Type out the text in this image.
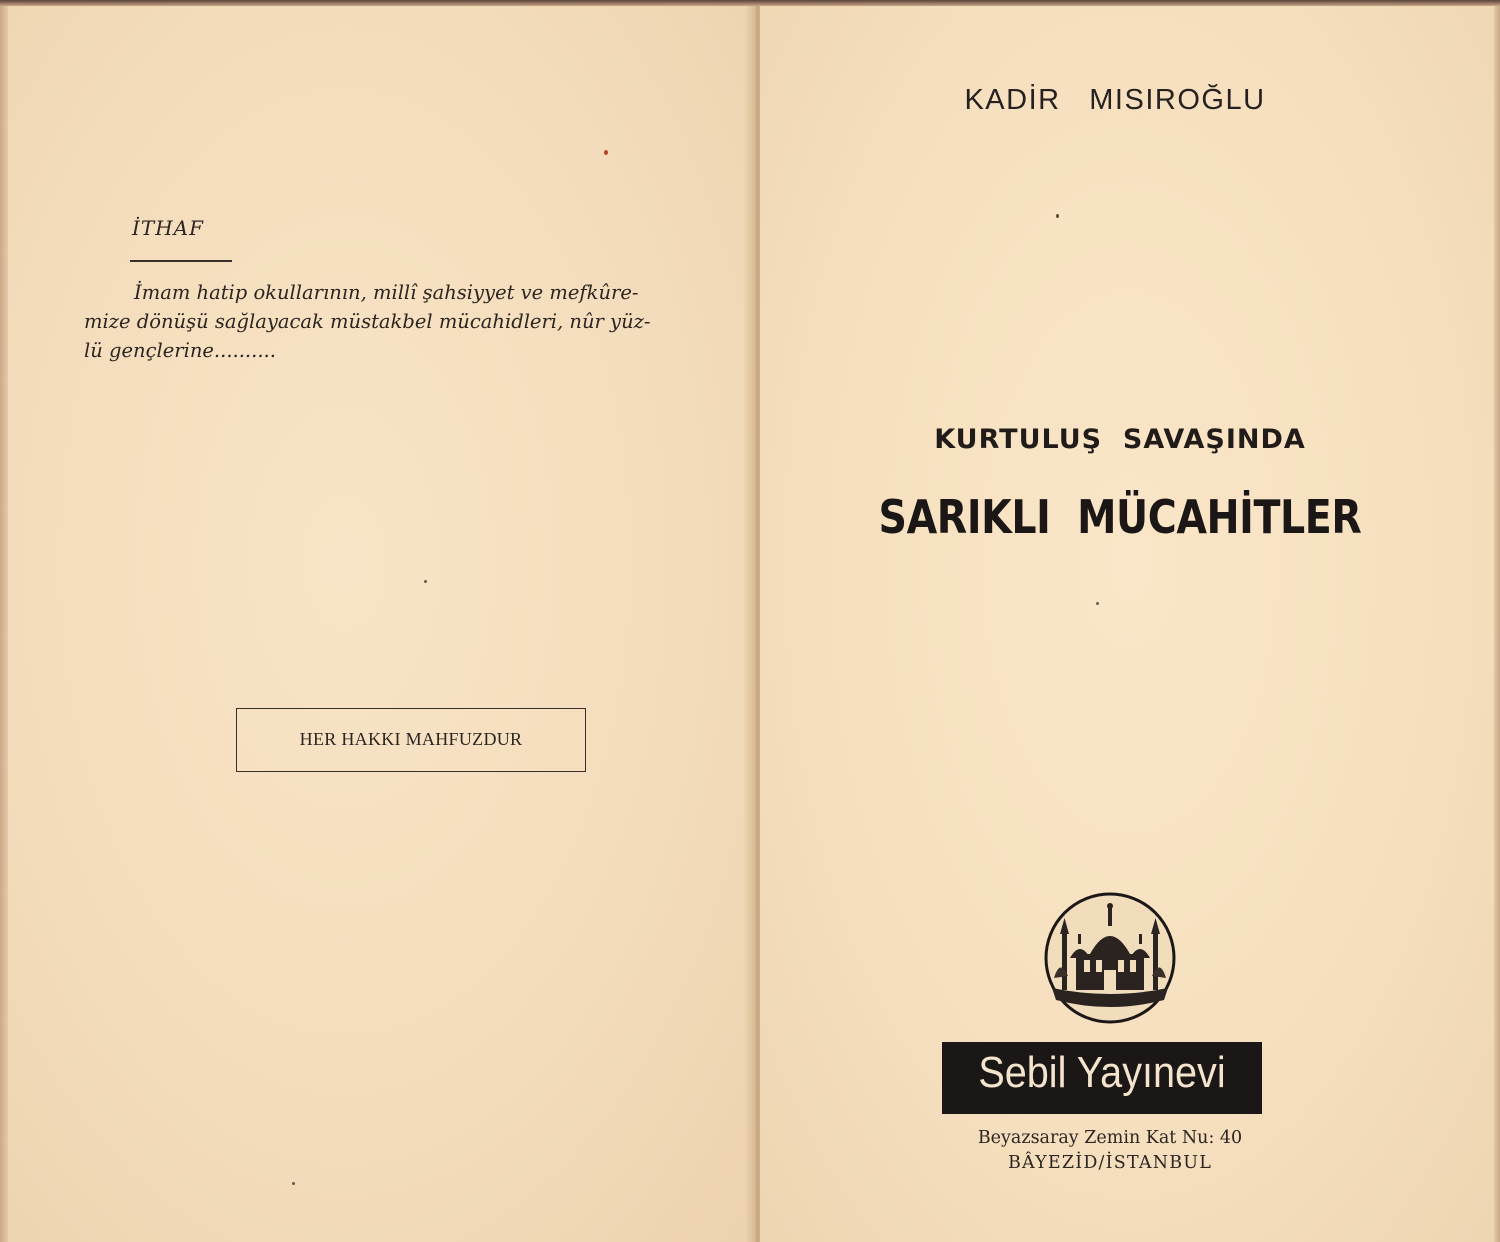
İTHAF
İmam hatip okullarının, millî şahsiyyet ve mefkûre-
mize dönüşü sağlayacak müstakbel mücahidleri, nûr yüz-
lü gençlerine..........
HER HAKKI MAHFUZDUR
KADİR   MISIROĞLU
KURTULUŞ  SAVAŞINDA
SARIKLI  MÜCAHİTLER
Sebil Yayınevi
Beyazsaray Zemin Kat Nu: 40
BÂYEZİD/İSTANBUL
